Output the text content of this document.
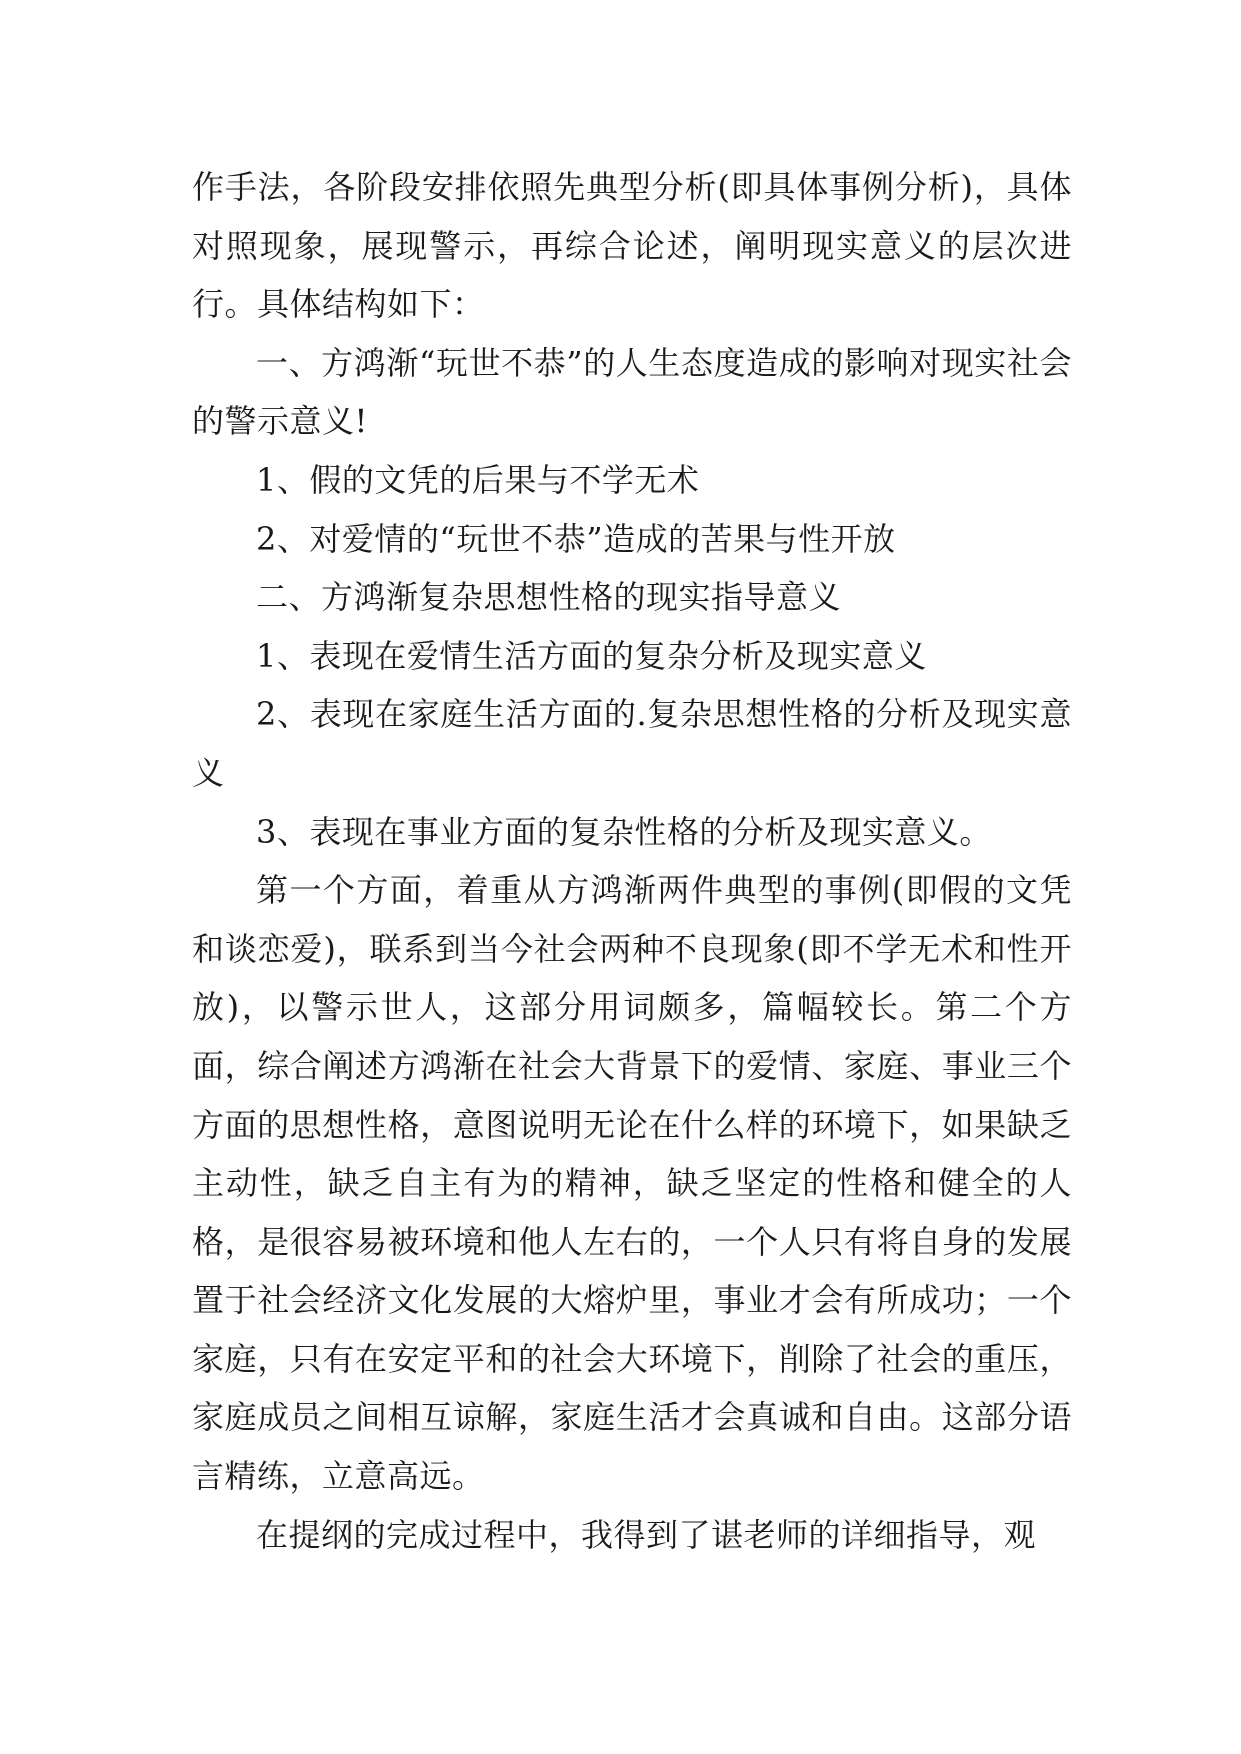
作手法，各阶段安排依照先典型分析(即具体事例分析)，具体对照现象，展现警示，再综合论述，阐明现实意义的层次进行。具体结构如下：

一、方鸿渐“玩世不恭”的人生态度造成的影响对现实社会的警示意义!

1、假的文凭的后果与不学无术

2、对爱情的“玩世不恭”造成的苦果与性开放

二、方鸿渐复杂思想性格的现实指导意义

1、表现在爱情生活方面的复杂分析及现实意义

2、表现在家庭生活方面的.复杂思想性格的分析及现实意义

3、表现在事业方面的复杂性格的分析及现实意义。

第一个方面，着重从方鸿渐两件典型的事例(即假的文凭和谈恋爱)，联系到当今社会两种不良现象(即不学无术和性开放)，以警示世人，这部分用词颇多，篇幅较长。第二个方面，综合阐述方鸿渐在社会大背景下的爱情、家庭、事业三个方面的思想性格，意图说明无论在什么样的环境下，如果缺乏主动性，缺乏自主有为的精神，缺乏坚定的性格和健全的人格，是很容易被环境和他人左右的，一个人只有将自身的发展置于社会经济文化发展的大熔炉里，事业才会有所成功；一个家庭，只有在安定平和的社会大环境下，削除了社会的重压，家庭成员之间相互谅解，家庭生活才会真诚和自由。这部分语言精练，立意高远。

在提纲的完成过程中，我得到了谌老师的详细指导，观
